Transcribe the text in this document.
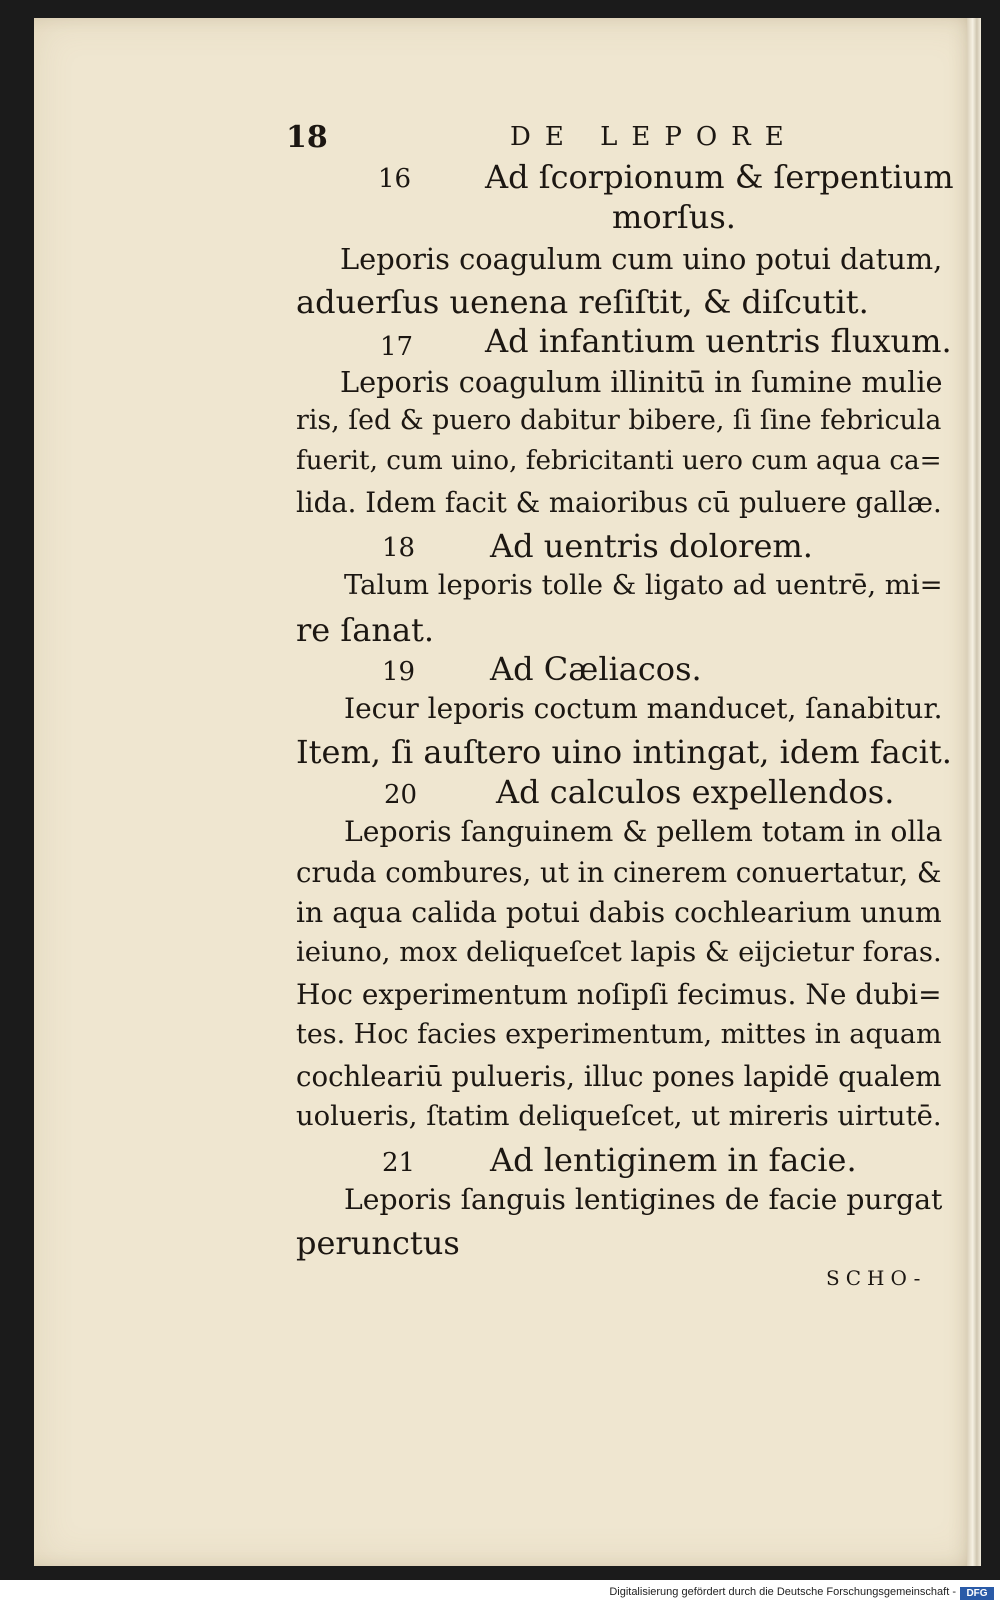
18	DE LEPORE
16 Ad ſcorpionum & ſerpentium
morſus.
Leporis coagulum cum uino potui datum,
aduerſus uenena reſiſtit, & diſcutit.
17 Ad infantium uentris fluxum.
Leporis coagulum illinitū in ſumine mulie
ris, ſed & puero dabitur bibere, ſi ſine febricula
fuerit, cum uino, febricitanti uero cum aqua ca=
lida. Idem facit & maioribus cū puluere gallæ.
18 Ad uentris dolorem.
Talum leporis tolle & ligato ad uentrē, mi=
re ſanat.
19 Ad Cæliacos.
Iecur leporis coctum manducet, ſanabitur.
Item, ſi auſtero uino intingat, idem facit.
20 Ad calculos expellendos.
Leporis ſanguinem & pellem totam in olla
cruda combures, ut in cinerem conuertatur, &
in aqua calida potui dabis cochlearium unum
ieiuno, mox deliqueſcet lapis & eijcietur foras.
Hoc experimentum noſipſi fecimus. Ne dubi=
tes. Hoc facies experimentum, mittes in aquam
cochleariū pulueris, illuc pones lapidē qualem
uolueris, ſtatim deliqueſcet, ut mireris uirtutē.
21 Ad lentiginem in facie.
Leporis ſanguis lentigines de facie purgat
perunctus
SCHO-
Digitalisierung gefördert durch die Deutsche Forschungsgemeinschaft -	DFG
